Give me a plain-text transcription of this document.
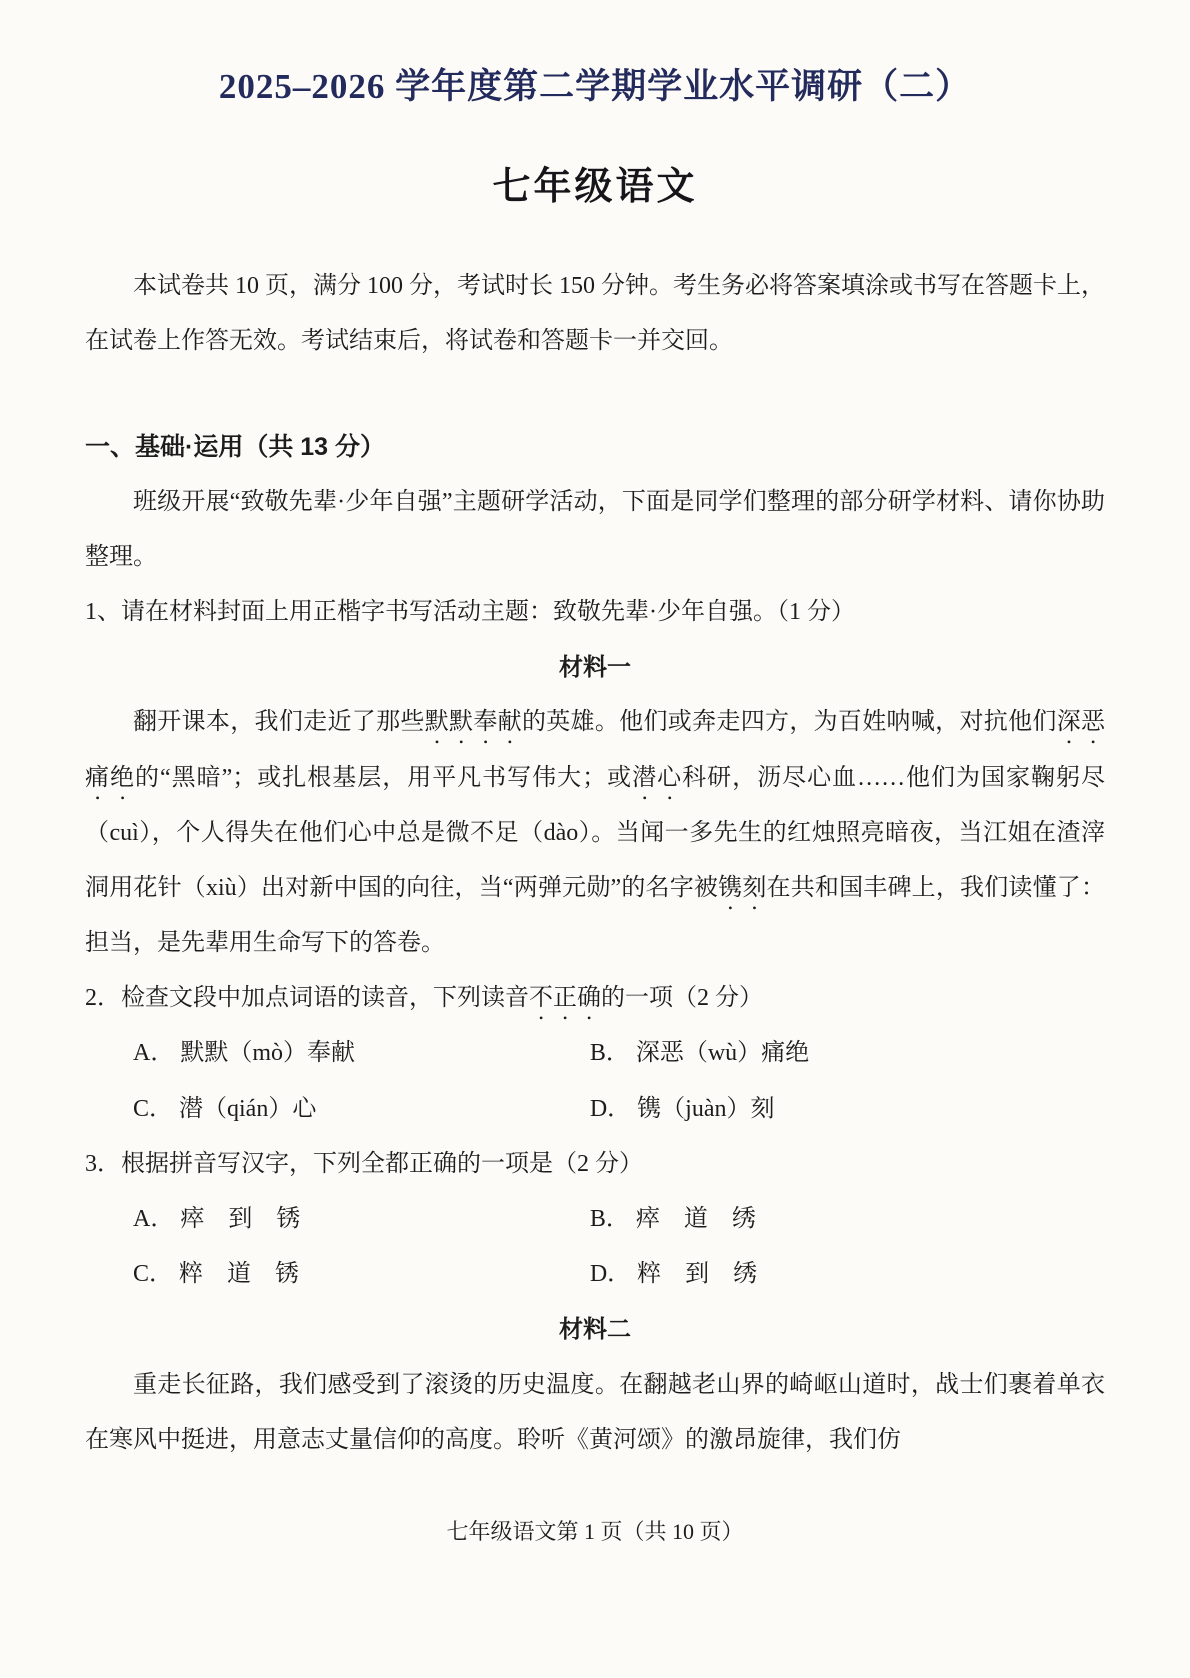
2025–2026 学年度第二学期学业水平调研（二）
七年级语文

本试卷共 10 页，满分 100 分，考试时长 150 分钟。考生务必将答案填涂或书写在答题卡上，在试卷上作答无效。考试结束后，将试卷和答题卡一并交回。

一、基础·运用（共 13 分）

班级开展“致敬先辈·少年自强”主题研学活动，下面是同学们整理的部分研学材料、请你协助整理。

1、请在材料封面上用正楷字书写活动主题：致敬先辈·少年自强。（1 分）

材料一

翻开课本，我们走近了那些默默奉献的英雄。他们或奔走四方，为百姓呐喊，对抗他们深恶痛绝的“黑暗”；或扎根基层，用平凡书写伟大；或潜心科研，沥尽心血……他们为国家鞠躬尽（cuì），个人得失在他们心中总是微不足（dào）。当闻一多先生的红烛照亮暗夜，当江姐在渣滓洞用花针（xiù）出对新中国的向往，当“两弹元勋”的名字被镌刻在共和国丰碑上，我们读懂了：担当，是先辈用生命写下的答卷。

2．检查文段中加点词语的读音，下列读音不正确的一项（2 分）

A． 默默（mò）奉献	B． 深恶（wù）痛绝
C． 潜（qián）心	D． 镌（juàn）刻

3．根据拼音写汉字，下列全都正确的一项是（2 分）

A． 瘁　到　锈	B． 瘁　道　绣
C． 粹　道　锈	D． 粹　到　绣
材料二

重走长征路，我们感受到了滚烫的历史温度。在翻越老山界的崎岖山道时，战士们裹着单衣在寒风中挺进，用意志丈量信仰的高度。聆听《黄河颂》的激昂旋律，我们仿

七年级语文第 1 页（共 10 页）
